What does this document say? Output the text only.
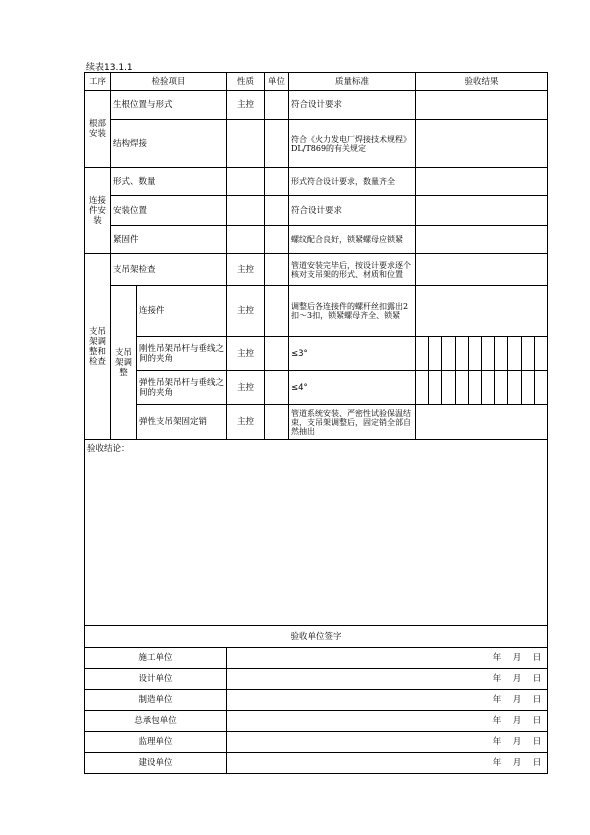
续表13.1.1
工序	检验项目		性质	单位	质量标准	验收结果
根部安装	生根位置与形式		主控		符合设计要求	
	结构焊接				符合《火力发电厂焊接技术规程》DL/T869的有关规定	
连接件安装	形式、数量				形式符合设计要求，数量齐全	
	安装位置				符合设计要求	
	紧固件				螺纹配合良好，锁紧螺母应锁紧	
支吊架调整和检查	支吊架检查		主控		管道安装完毕后，按设计要求逐个核对支吊架的形式、材质和位置	
	支吊架调整	连接件	主控		调整后各连接件的螺杆丝扣露出2扣～3扣，锁紧螺母齐全、锁紧	
		刚性吊架吊杆与垂线之间的夹角	主控		≤3°	

		弹性吊架吊杆与垂线之间的夹角	主控		≤4°	

		弹性支吊架固定销	主控		管道系统安装、严密性试验保温结束，支吊架调整后，固定销全部自然抽出	
验收结论：						
验收单位签字						
施工单位			年 月 日			
设计单位			年 月 日			
制造单位			年 月 日			
总承包单位			年 月 日			
监理单位			年 月 日			
建设单位			年 月 日			
